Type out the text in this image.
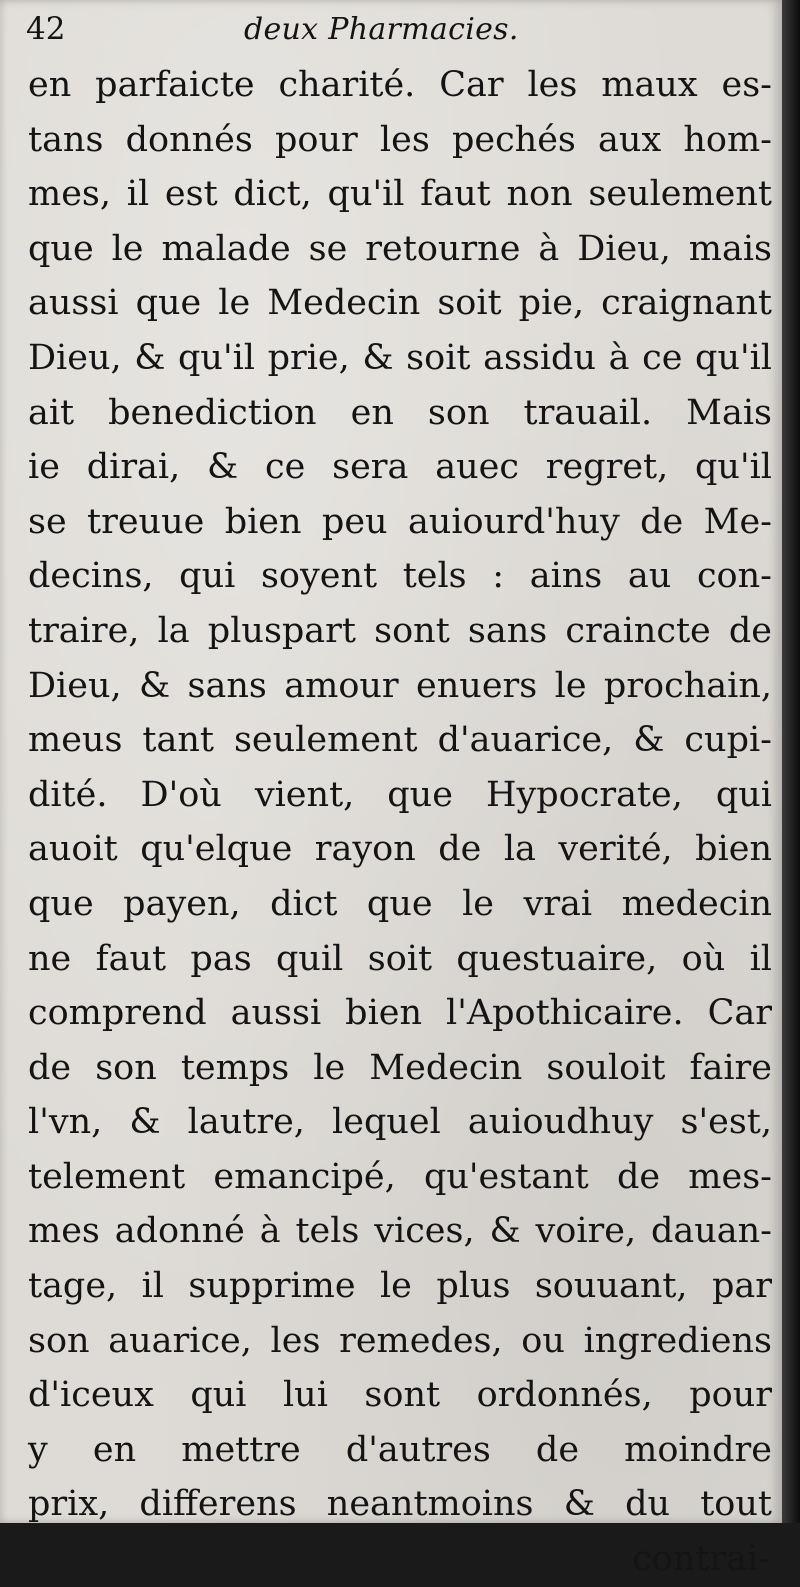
42	deux Pharmacies.
en parfaicte charité. Car les maux es-
tans donnés pour les pechés aux hom-
mes, il est dict, qu'il faut non seulement
que le malade se retourne à Dieu, mais
aussi que le Medecin soit pie, craignant
Dieu, & qu'il prie, & soit assidu à ce qu'il
ait benediction en son trauail. Mais
ie dirai, & ce sera auec regret, qu'il
se treuue bien peu auiourd'huy de Me-
decins, qui soyent tels : ains au con-
traire, la pluspart sont sans craincte de
Dieu, & sans amour enuers le prochain,
meus tant seulement d'auarice, & cupi-
dité. D'où vient, que Hypocrate, qui
auoit qu'elque rayon de la verité, bien
que payen, dict que le vrai medecin
ne faut pas quil soit questuaire, où il
comprend aussi bien l'Apothicaire. Car
de son temps le Medecin souloit faire
l'vn, & lautre, lequel auioudhuy s'est,
telement emancipé, qu'estant de mes-
mes adonné à tels vices, & voire, dauan-
tage, il supprime le plus souuant, par
son auarice, les remedes, ou ingrediens
d'iceux qui lui sont ordonnés, pour
y en mettre d'autres de moindre
prix, differens neantmoins & du tout
contrai-
